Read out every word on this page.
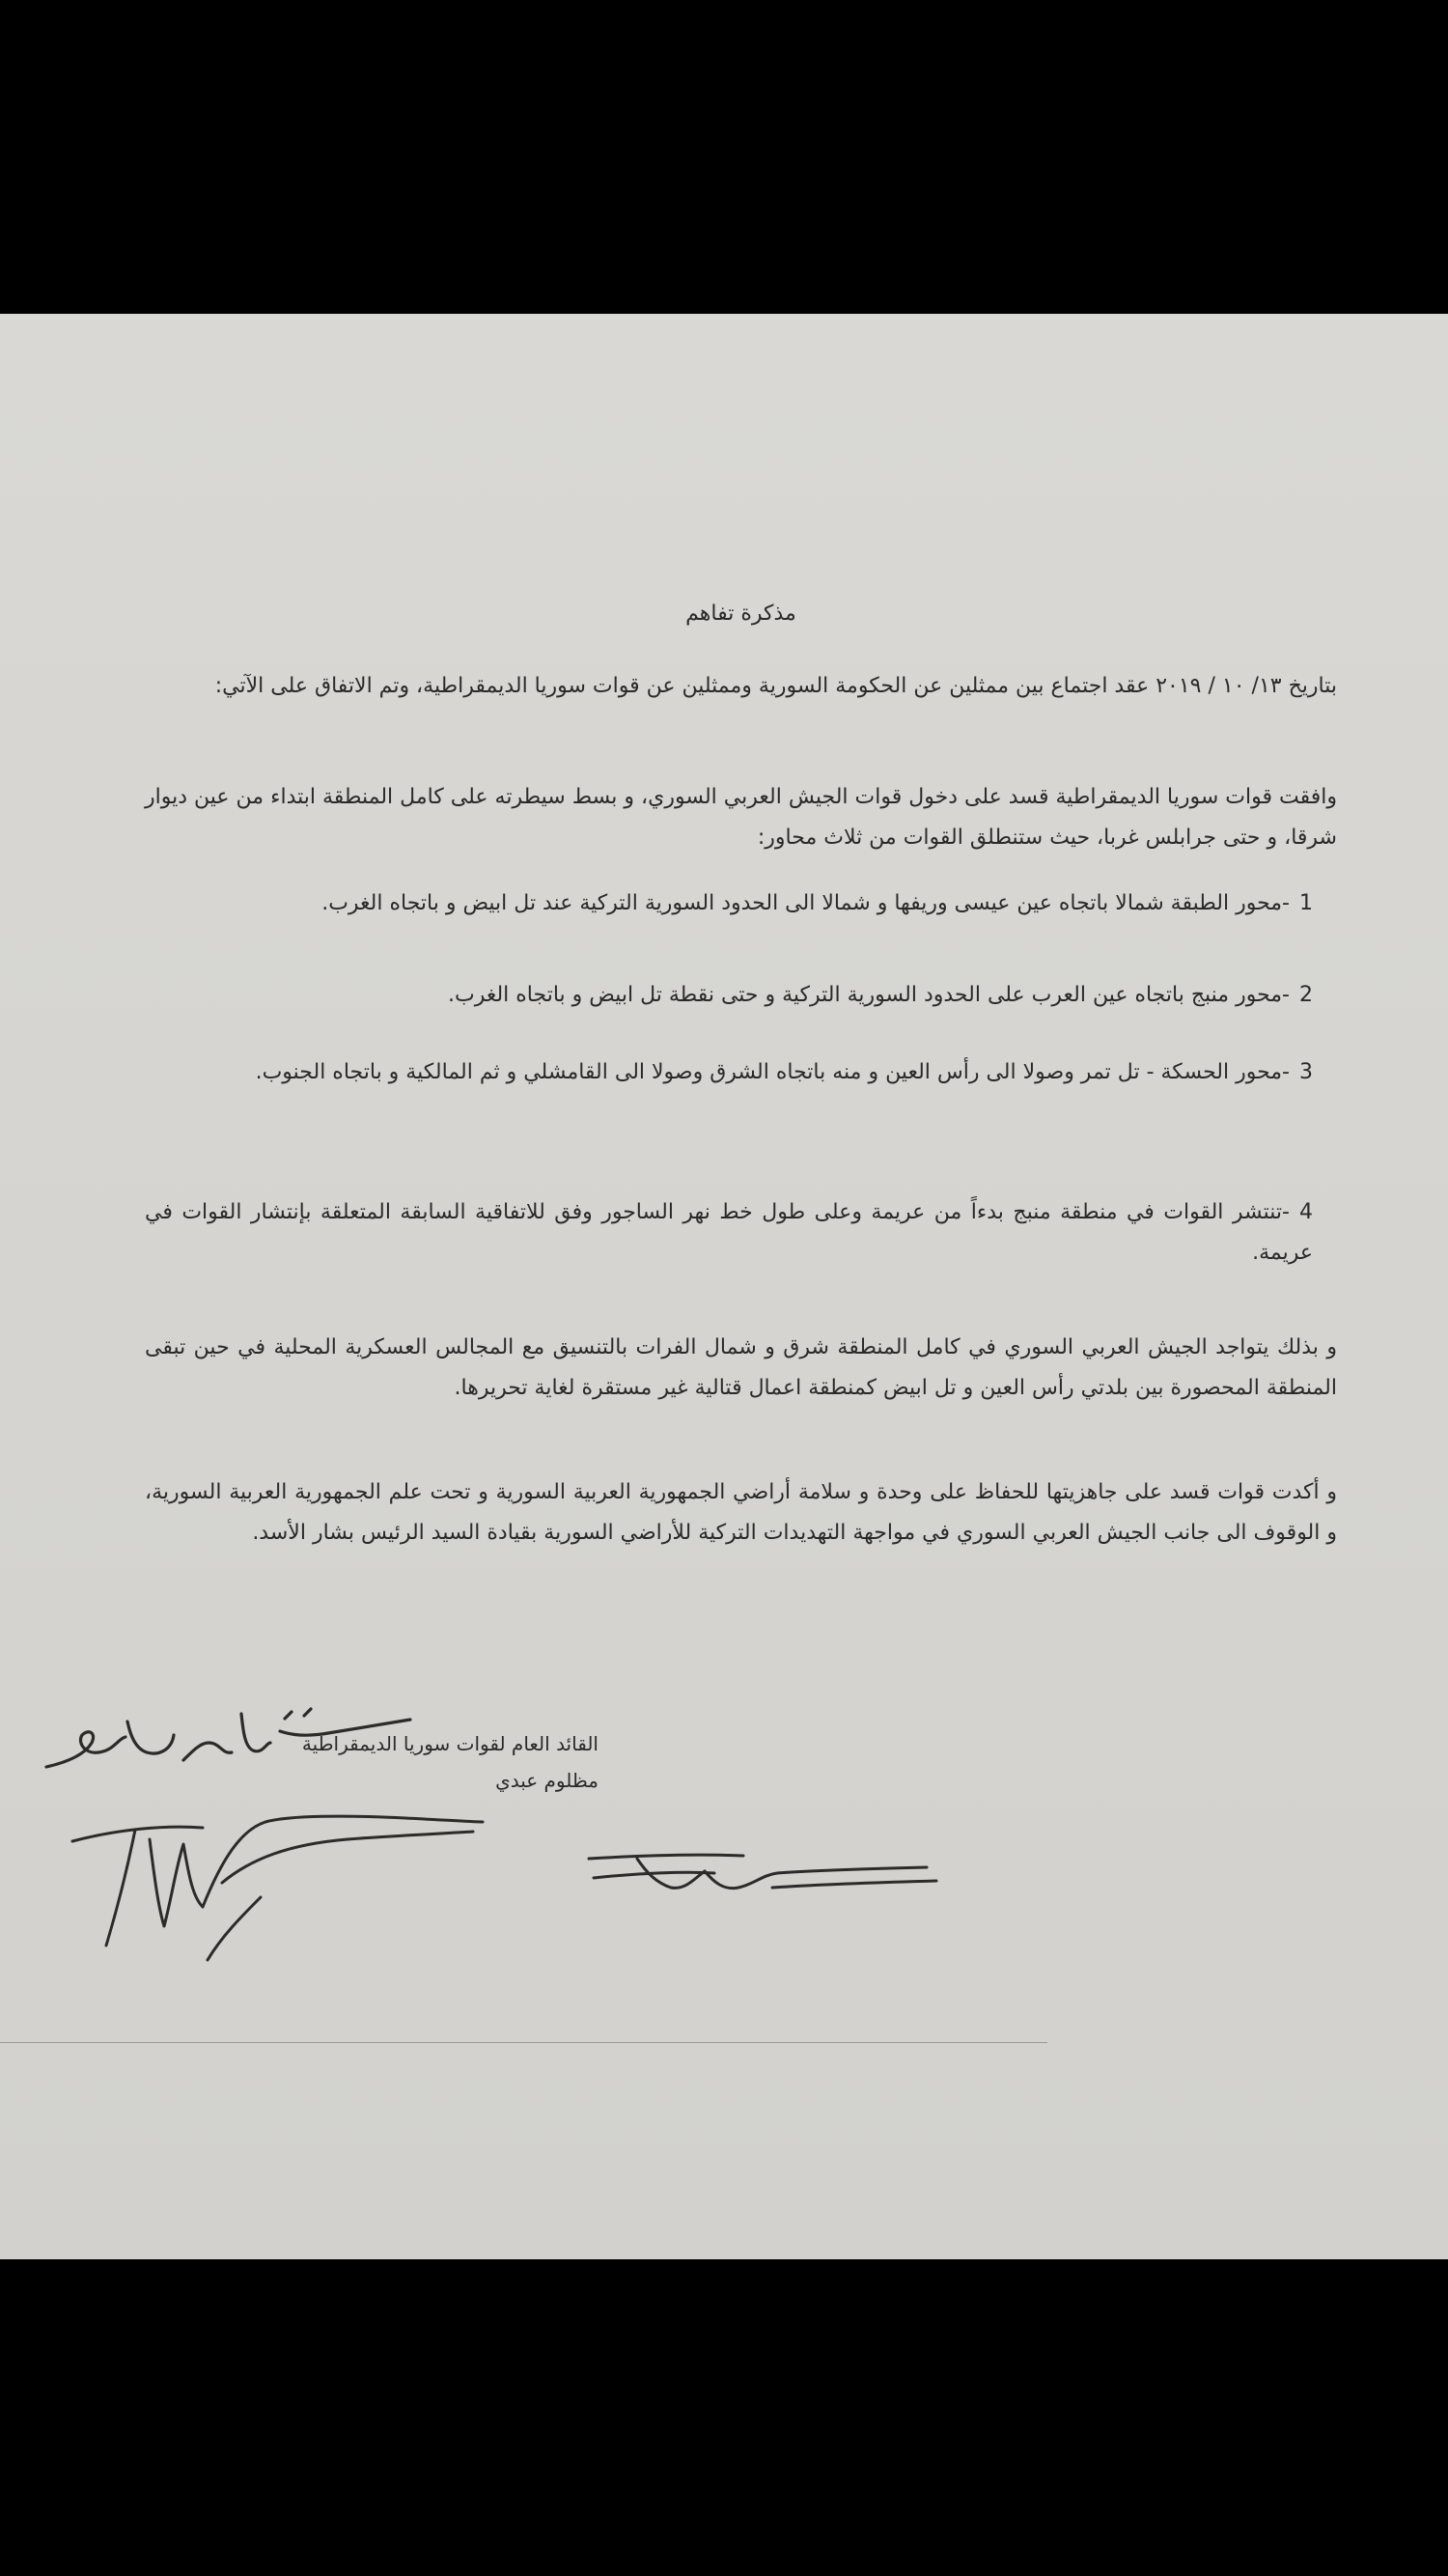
مذكرة تفاهم

بتاريخ ١٣/ ١٠ / ٢٠١٩ عقد اجتماع بين ممثلين عن الحكومة السورية وممثلين عن قوات سوريا الديمقراطية، وتم الاتفاق على الآتي:

وافقت قوات سوريا الديمقراطية قسد على دخول قوات الجيش العربي السوري، و بسط سيطرته على كامل المنطقة ابتداء من عين ديوار شرقا، و حتى جرابلس غربا، حيث ستنطلق القوات من ثلاث محاور:

1-محور الطبقة شمالا باتجاه عين عيسى وريفها و شمالا الى الحدود السورية التركية عند تل ابيض و باتجاه الغرب.

2-محور منبج باتجاه عين العرب على الحدود السورية التركية و حتى نقطة تل ابيض و باتجاه الغرب.

3-محور الحسكة - تل تمر وصولا الى رأس العين و منه باتجاه الشرق وصولا الى القامشلي و ثم المالكية و باتجاه الجنوب.

4-تنتشر القوات في منطقة منبج بدءاً من عريمة وعلى طول خط نهر الساجور وفق للاتفاقية السابقة المتعلقة بإنتشار القوات في عريمة.

و بذلك يتواجد الجيش العربي السوري في كامل المنطقة شرق و شمال الفرات بالتنسيق مع المجالس العسكرية المحلية في حين تبقى المنطقة المحصورة بين بلدتي رأس العين و تل ابيض كمنطقة اعمال قتالية غير مستقرة لغاية تحريرها.

و أكدت قوات قسد على جاهزيتها للحفاظ على وحدة و سلامة أراضي الجمهورية العربية السورية و تحت علم الجمهورية العربية السورية، و الوقوف الى جانب الجيش العربي السوري في مواجهة التهديدات التركية للأراضي السورية بقيادة السيد الرئيس بشار الأسد.

القائد العام لقوات سوريا الديمقراطية
مظلوم عبدي
